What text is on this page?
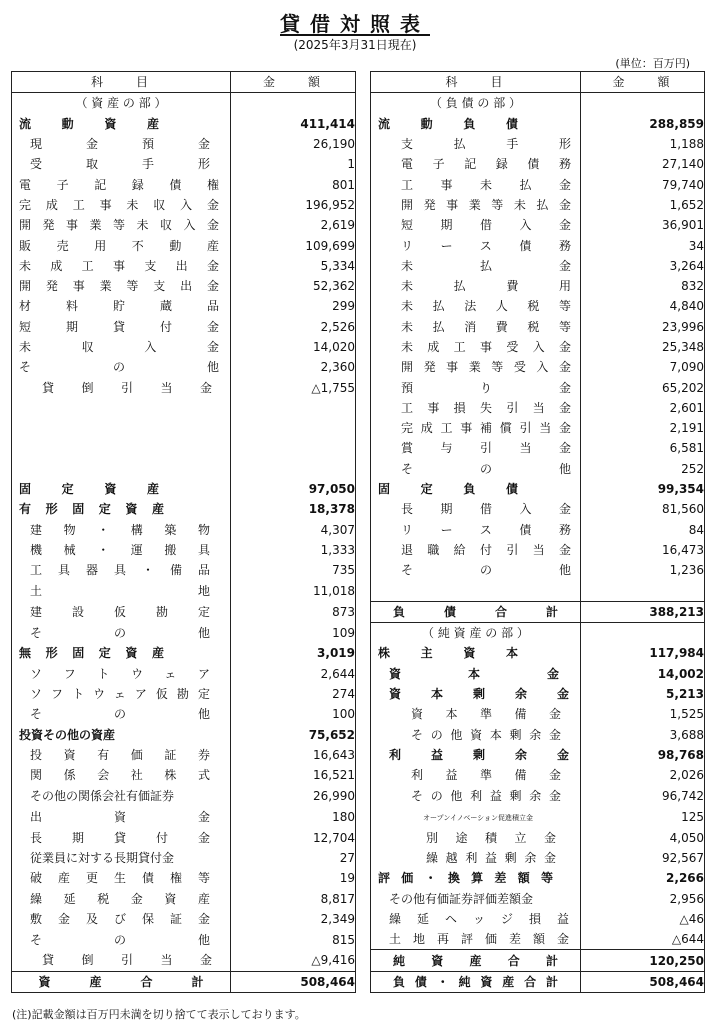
貸借対照表
(2025年3月31日現在)
(単位：百万円)
科　　目	金　　額		科　　目	金　　額
（ 資 産 の 部 ）			（ 負 債 の 部 ）	

流動資産	411,414		流動負債	288,859

現金預金	26,190		支払手形	1,188

受取手形	1		電子記録債務	27,140

電子記録債権	801		工事未払金	79,740

完成工事未収入金	196,952		開発事業等未払金	1,652

開発事業等未収入金	2,619		短期借入金	36,901

販売用不動産	109,699		リース債務	34

未成工事支出金	5,334		未払金	3,264

開発事業等支出金	52,362		未払費用	832

材料貯蔵品	299		未払法人税等	4,840

短期貸付金	2,526		未払消費税等	23,996

未収入金	14,020		未成工事受入金	25,348

その他	2,360		開発事業等受入金	7,090

貸倒引当金	△1,755		預り金	65,202

			工事損失引当金	2,601

			完成工事補償引当金	2,191

			賞与引当金	6,581

			その他	252

固定資産	97,050		固定負債	99,354

有形固定資産	18,378		長期借入金	81,560

建物・構築物	4,307		リース債務	84

機械・運搬具	1,333		退職給付引当金	16,473

工具器具・備品	735		その他	1,236

土地	11,018		

建設仮勘定	873		負債合計	388,213

その他	109		（ 純 資 産 の 部 ）	

無形固定資産	3,019		株主資本	117,984

ソフトウェア	2,644		資本金	14,002

ソフトウェア仮勘定	274		資本剰余金	5,213

その他	100		資本準備金	1,525

投資その他の資産	75,652		その他資本剰余金	3,688

投資有価証券	16,643		利益剰余金	98,768

関係会社株式	16,521		利益準備金	2,026

その他の関係会社有価証券	26,990		その他利益剰余金	96,742

出資金	180		オープンイノベーション促進積立金	125

長期貸付金	12,704		別途積立金	4,050

従業員に対する長期貸付金	27		繰越利益剰余金	92,567

破産更生債権等	19		評価・換算差額等	2,266

繰延税金資産	8,817		その他有価証券評価差額金	2,956

敷金及び保証金	2,349		繰延ヘッジ損益	△46

その他	815		土地再評価差額金	△644

貸倒引当金	△9,416		純資産合計	120,250

資産合計	508,464		負債・純資産合計	508,464
(注)記載金額は百万円未満を切り捨てて表示しております。
